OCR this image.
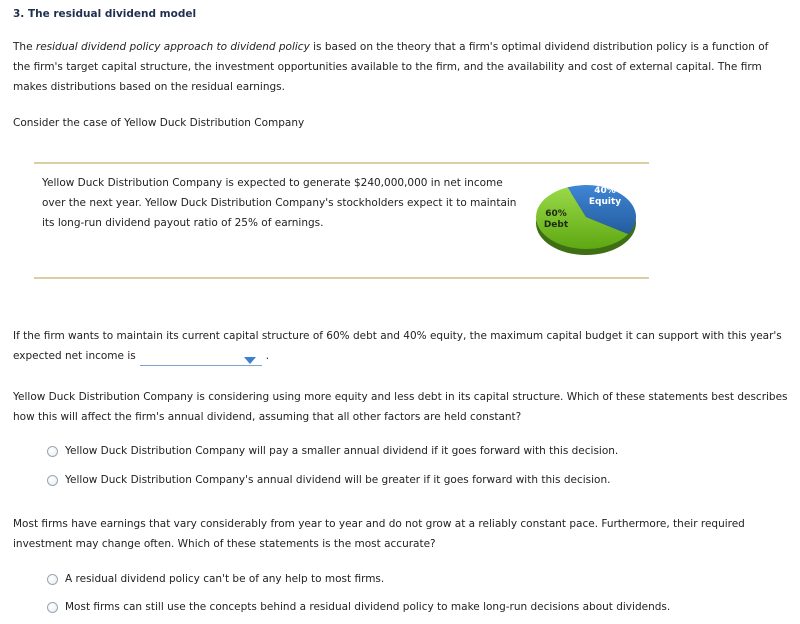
3. The residual dividend model
The residual dividend policy approach to dividend policy is based on the theory that a firm's optimal dividend distribution policy is a function of the firm's target capital structure, the investment opportunities available to the firm, and the availability and cost of external capital. The firm makes distributions based on the residual earnings.
Consider the case of Yellow Duck Distribution Company
Yellow Duck Distribution Company is expected to generate $240,000,000 in net income over the next year. Yellow Duck Distribution Company's stockholders expect it to maintain its long-run dividend payout ratio of 25% of earnings.
40%
Equity
60%
Debt
If the firm wants to maintain its current capital structure of 60% debt and 40% equity, the maximum capital budget it can support with this year's expected net income is	.
Yellow Duck Distribution Company is considering using more equity and less debt in its capital structure. Which of these statements best describes how this will affect the firm's annual dividend, assuming that all other factors are held constant?
Yellow Duck Distribution Company will pay a smaller annual dividend if it goes forward with this decision.
Yellow Duck Distribution Company's annual dividend will be greater if it goes forward with this decision.
Most firms have earnings that vary considerably from year to year and do not grow at a reliably constant pace. Furthermore, their required investment may change often. Which of these statements is the most accurate?
A residual dividend policy can't be of any help to most firms.
Most firms can still use the concepts behind a residual dividend policy to make long-run decisions about dividends.
